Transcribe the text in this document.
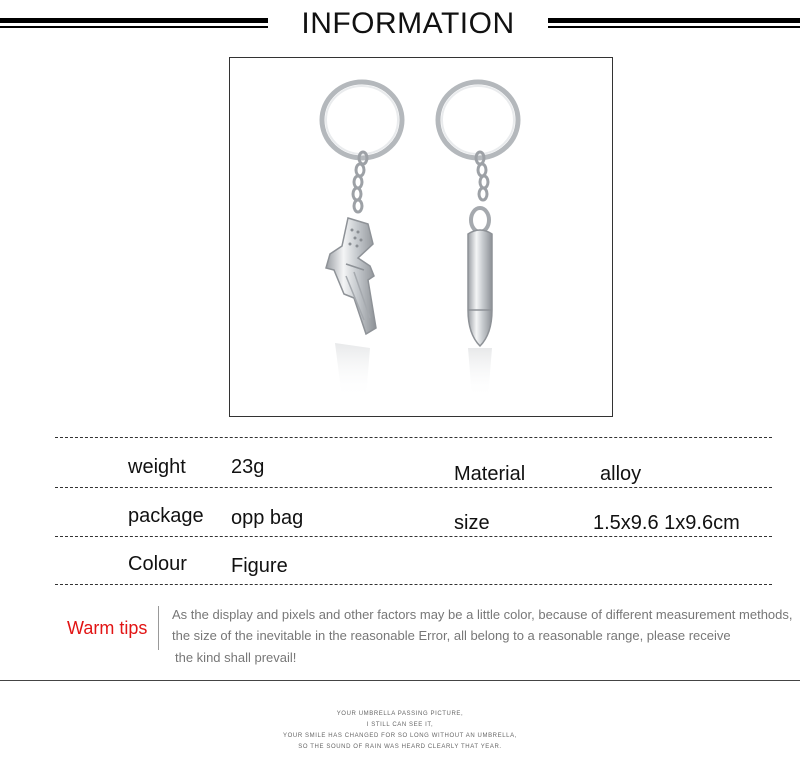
INFORMATION
weight 23g	Material	alloy
package opp bag	size	1.5x9.6 1x9.6cm
Colour Figure
Warm tips
As the display and pixels and other factors may be a little color, because of different measurement methods,
the size of the inevitable in the reasonable Error, all belong to a reasonable range, please receive
the kind shall prevail!
YOUR UMBRELLA PASSING PICTURE,
I STILL CAN SEE IT,
YOUR SMILE HAS CHANGED FOR SO LONG WITHOUT AN UMBRELLA,
SO THE SOUND OF RAIN WAS HEARD CLEARLY THAT YEAR.
